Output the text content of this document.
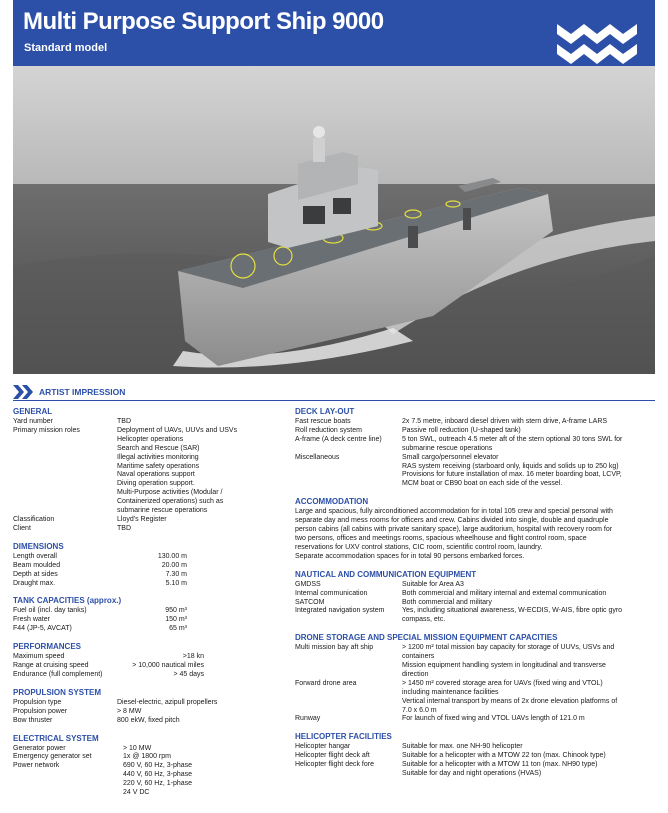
Multi Purpose Support Ship 9000
Standard model
ARTIST IMPRESSION
GENERAL
Yard number	TBD
Primary mission roles	Deployment of UAVs, UUVs and USVs
Helicopter operations
Search and Rescue (SAR)
Illegal activities monitoring
Maritime safety operations
Naval operations support
Diving operation support.
Multi-Purpose activities (Modular /
Containerized operations) such as
submarine rescue operations
Classification	Lloyd's Register
Client	TBD
DIMENSIONS
Length overall	130.00 m
Beam moulded	20.00 m
Depth at sides	7.30 m
Draught max.	5.10 m
TANK CAPACITIES (approx.)
Fuel oil (incl. day tanks)	950 m³
Fresh water	150 m³
F44 (JP-5, AVCAT)	65 m³
PERFORMANCES
Maximum speed	>18 kn
Range at cruising speed	> 10,000 nautical miles
Endurance (full complement)	> 45 days
PROPULSION SYSTEM
Propulsion type	Diesel-electric, azipull propellers
Propulsion power	> 8 MW
Bow thruster	800 ekW, fixed pitch
ELECTRICAL SYSTEM
Generator power	> 10 MW
Emergency generator set	1x @ 1800 rpm
Power network	690 V, 60 Hz, 3-phase
440 V, 60 Hz, 3-phase
220 V, 60 Hz, 1-phase
24 V DC
DECK LAY-OUT
Fast rescue boats	2x 7.5 metre, inboard diesel driven with stern drive, A-frame LARS
Roll reduction system	Passive roll reduction (U-shaped tank)
A-frame (A deck centre line)	5 ton SWL, outreach 4.5 meter aft of the stern optional 30 tons SWL for
submarine rescue operations
Miscellaneous	Small cargo/personnel elevator
RAS system receiving (starboard only, liquids and solids up to 250 kg)
Provisions for future installation of max. 16 meter boarding boat, LCVP,
MCM boat or CB90 boat on each side of the vessel.
ACCOMMODATION
Large and spacious, fully airconditioned accommodation for in total 105 crew and special personal with
separate day and mess rooms for officers and crew. Cabins divided into single, double and quadruple
person cabins (all cabins with private sanitary space), large auditorium, hospital with recovery room for
two persons, offices and meetings rooms, spacious wheelhouse and flight control room, space
reservations for UXV control stations, CIC room, scientific control room, laundry.
Separate accommodation spaces for in total 90 persons embarked forces.
NAUTICAL AND COMMUNICATION EQUIPMENT
GMDSS	Suitable for Area A3
Internal communication	Both commercial and military internal and external communication
SATCOM	Both commercial and military
Integrated navigation system	Yes, including situational awareness, W-ECDIS, W-AIS, fibre optic gyro
compass, etc.
DRONE STORAGE AND SPECIAL MISSION EQUIPMENT CAPACITIES
Multi mission bay aft ship	> 1200 m² total mission bay capacity for storage of UUVs, USVs and
containers
Mission equipment handling system in longitudinal and transverse
direction
Forward drone area	> 1450 m² covered storage area for UAVs (fixed wing and VTOL)
including maintenance facilities
Vertical internal transport by means of 2x drone elevation platforms of
7.0 x 6.0 m
Runway	For launch of fixed wing and VTOL UAVs length of 121.0 m
HELICOPTER FACILITIES
Helicopter hangar	Suitable for max. one NH-90 helicopter
Helicopter flight deck aft	Suitable for a helicopter with a MTOW 22 ton (max. Chinook type)
Helicopter flight deck fore	Suitable for a helicopter with a MTOW 11 ton (max. NH90 type)
Suitable for day and night operations (HVAS)
